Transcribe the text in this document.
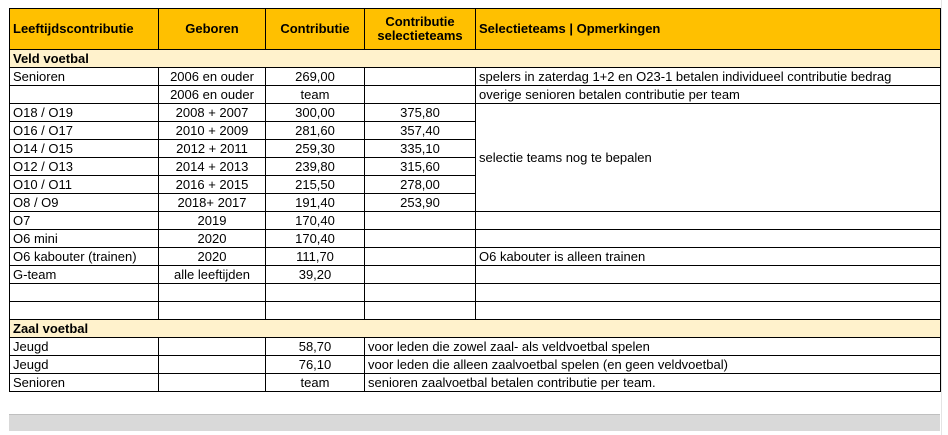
Leeftijdscontributie	Geboren	Contributie	Contributie
selectieteams	Selectieteams | Opmerkingen
Veld voetbal				
Senioren	2006 en ouder	269,00		spelers in zaterdag 1+2 en O23-1 betalen individueel contributie bedrag
	2006 en ouder	team		overige senioren betalen contributie per team
O18 / O19	2008 + 2007	300,00	375,80	selectie teams nog te bepalen
O16 / O17	2010 + 2009	281,60	357,40	
O14 / O15	2012 + 2011	259,30	335,10	
O12 / O13	2014 + 2013	239,80	315,60	
O10 / O11	2016 + 2015	215,50	278,00	
O8 / O9	2018+ 2017	191,40	253,90	
O7	2019	170,40		
O6 mini	2020	170,40		
O6 kabouter (trainen)	2020	111,70		O6 kabouter is alleen trainen
G-team	alle leeftijden	39,20		

Zaal voetbal				
Jeugd		58,70	voor leden die zowel zaal- als veldvoetbal spelen	
Jeugd		76,10	voor leden die alleen zaalvoetbal spelen (en geen veldvoetbal)	
Senioren		team	senioren zaalvoetbal betalen contributie per team.	
